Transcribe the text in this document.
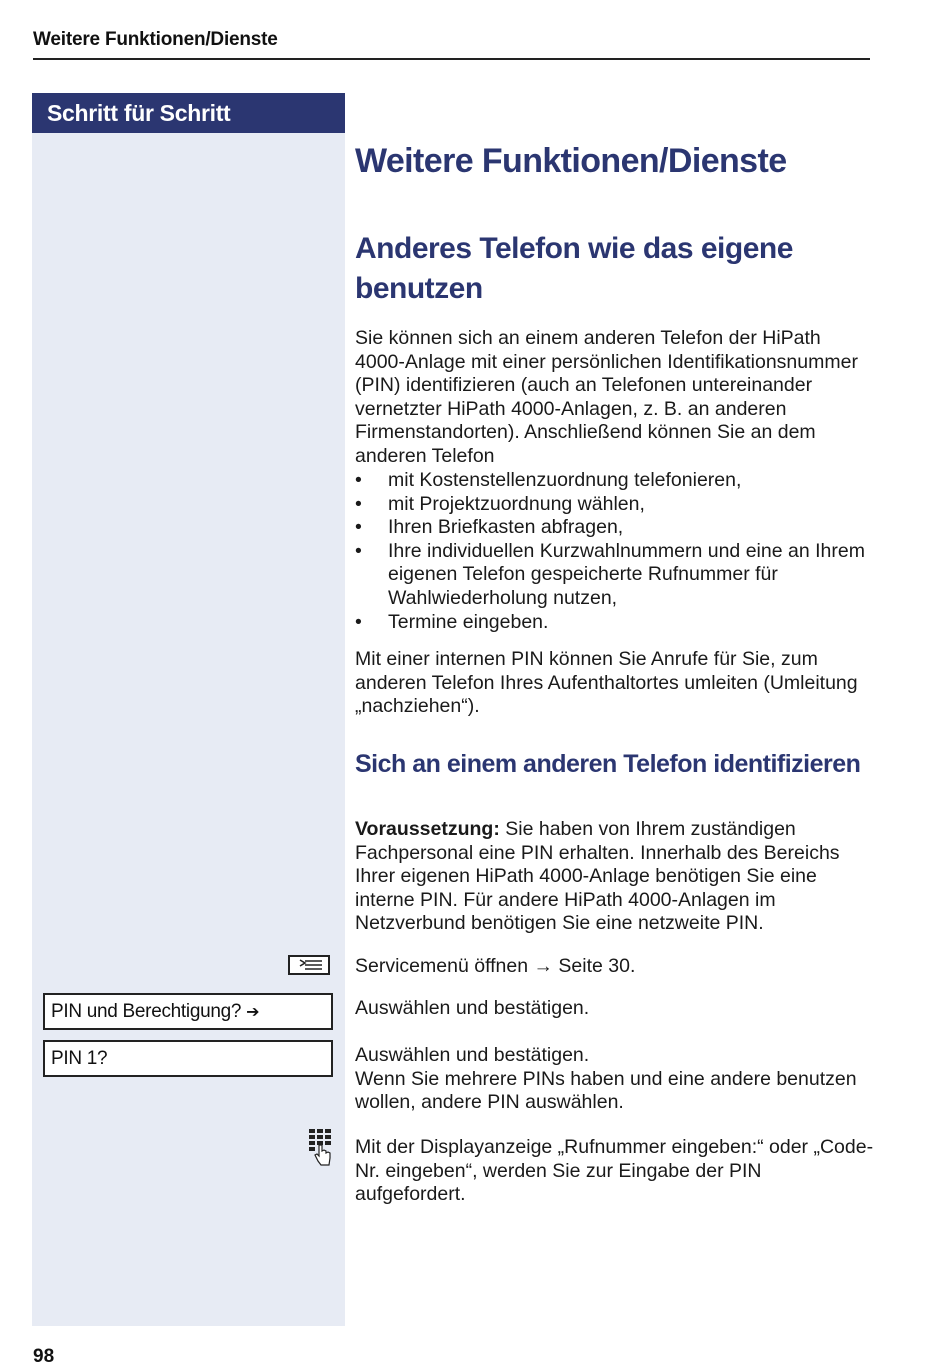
Weitere Funktionen/Dienste
Schritt für Schritt
Weitere Funktionen/Dienste
Anderes Telefon wie das eigene benutzen

Sie können sich an einem anderen Telefon der HiPath 4000-Anlage mit einer persönlichen Identifikationsnummer (PIN) identifizieren (auch an Telefonen untereinander vernetzter HiPath 4000-Anlagen, z. B. an anderen Firmenstandorten). Anschließend können Sie an dem anderen Telefon

• mit Kostenstellenzuordnung telefonieren,
• mit Projektzuordnung wählen,
• Ihren Briefkasten abfragen,
• Ihre individuellen Kurzwahlnummern und eine an Ihrem eigenen Telefon gespeicherte Rufnummer für Wahlwiederholung nutzen,
• Termine eingeben.

Mit einer internen PIN können Sie Anrufe für Sie, zum anderen Telefon Ihres Aufenthaltortes umleiten (Umleitung „nachziehen“).

Sich an einem anderen Telefon identifizieren

Voraussetzung: Sie haben von Ihrem zuständigen Fachpersonal eine PIN erhalten. Innerhalb des Bereichs Ihrer eigenen HiPath 4000-Anlage benötigen Sie eine interne PIN. Für andere HiPath 4000-Anlagen im Netzverbund benötigen Sie eine netzweite PIN.

Servicemenü öffnen → Seite 30.

PIN und Berechtigung? ➔	Auswählen und bestätigen.

PIN 1?	Auswählen und bestätigen.
Wenn Sie mehrere PINs haben und eine andere benutzen wollen, andere PIN auswählen.

Mit der Displayanzeige „Rufnummer eingeben:“ oder „Code-Nr. eingeben“, werden Sie zur Eingabe der PIN aufgefordert.

98
